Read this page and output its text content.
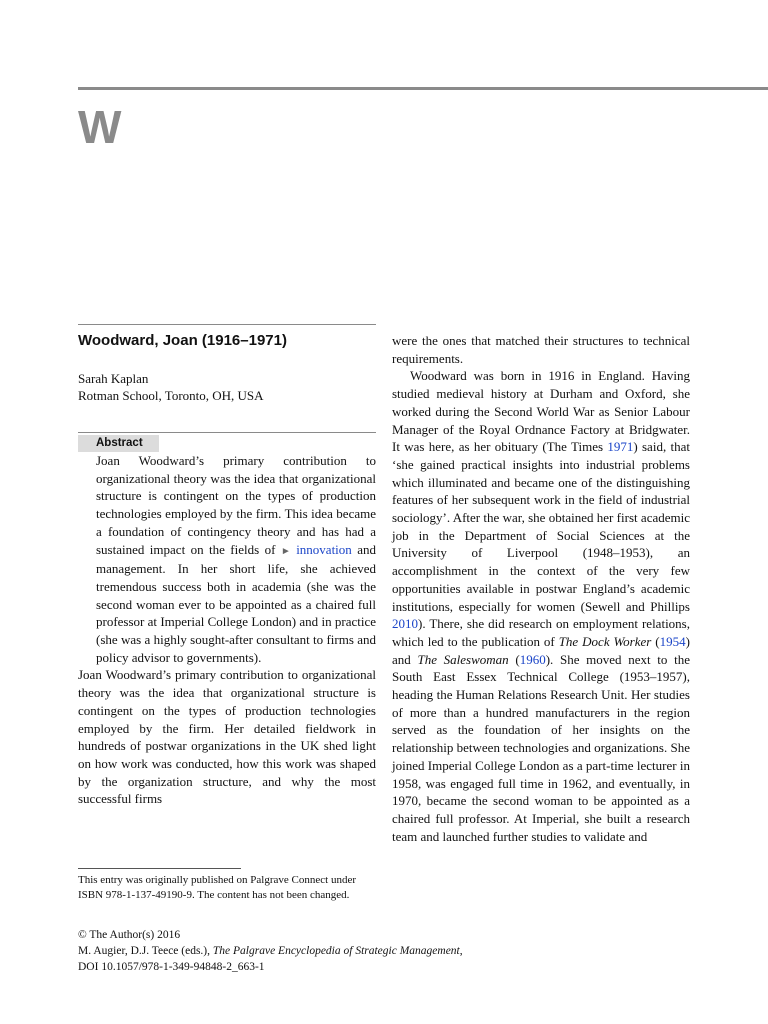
W
Woodward, Joan (1916–1971)
Sarah Kaplan
Rotman School, Toronto, OH, USA
Abstract
Joan Woodward’s primary contribution to organizational theory was the idea that organizational structure is contingent on the types of production technologies employed by the firm. This idea became a foundation of contingency theory and has had a sustained impact on the fields of ► innovation and management. In her short life, she achieved tremendous success both in academia (she was the second woman ever to be appointed as a chaired full professor at Imperial College London) and in practice (she was a highly sought-after consultant to firms and policy advisor to governments).

Joan Woodward’s primary contribution to organizational theory was the idea that organizational structure is contingent on the types of production technologies employed by the firm. Her detailed fieldwork in hundreds of postwar organizations in the UK shed light on how work was conducted, how this work was shaped by the organization structure, and why the most successful firms

were the ones that matched their structures to technical requirements.

Woodward was born in 1916 in England. Having studied medieval history at Durham and Oxford, she worked during the Second World War as Senior Labour Manager of the Royal Ordnance Factory at Bridgwater. It was here, as her obituary (The Times 1971) said, that ‘she gained practical insights into industrial problems which illuminated and became one of the distinguishing features of her subsequent work in the field of industrial sociology’. After the war, she obtained her first academic job in the Department of Social Sciences at the University of Liverpool (1948–1953), an accomplishment in the context of the very few opportunities available in postwar England’s academic institutions, especially for women (Sewell and Phillips 2010). There, she did research on employment relations, which led to the publication of The Dock Worker (1954) and The Saleswoman (1960). She moved next to the South East Essex Technical College (1953–1957), heading the Human Relations Research Unit. Her studies of more than a hundred manufacturers in the region served as the foundation of her insights on the relationship between technologies and organizations. She joined Imperial College London as a part-time lecturer in 1958, was engaged full time in 1962, and eventually, in 1970, became the second woman to be appointed as a chaired full professor. At Imperial, she built a research team and launched further studies to validate and

This entry was originally published on Palgrave Connect under ISBN 978-1-137-49190-9. The content has not been changed.
© The Author(s) 2016
M. Augier, D.J. Teece (eds.), The Palgrave Encyclopedia of Strategic Management,
DOI 10.1057/978-1-349-94848-2_663-1
